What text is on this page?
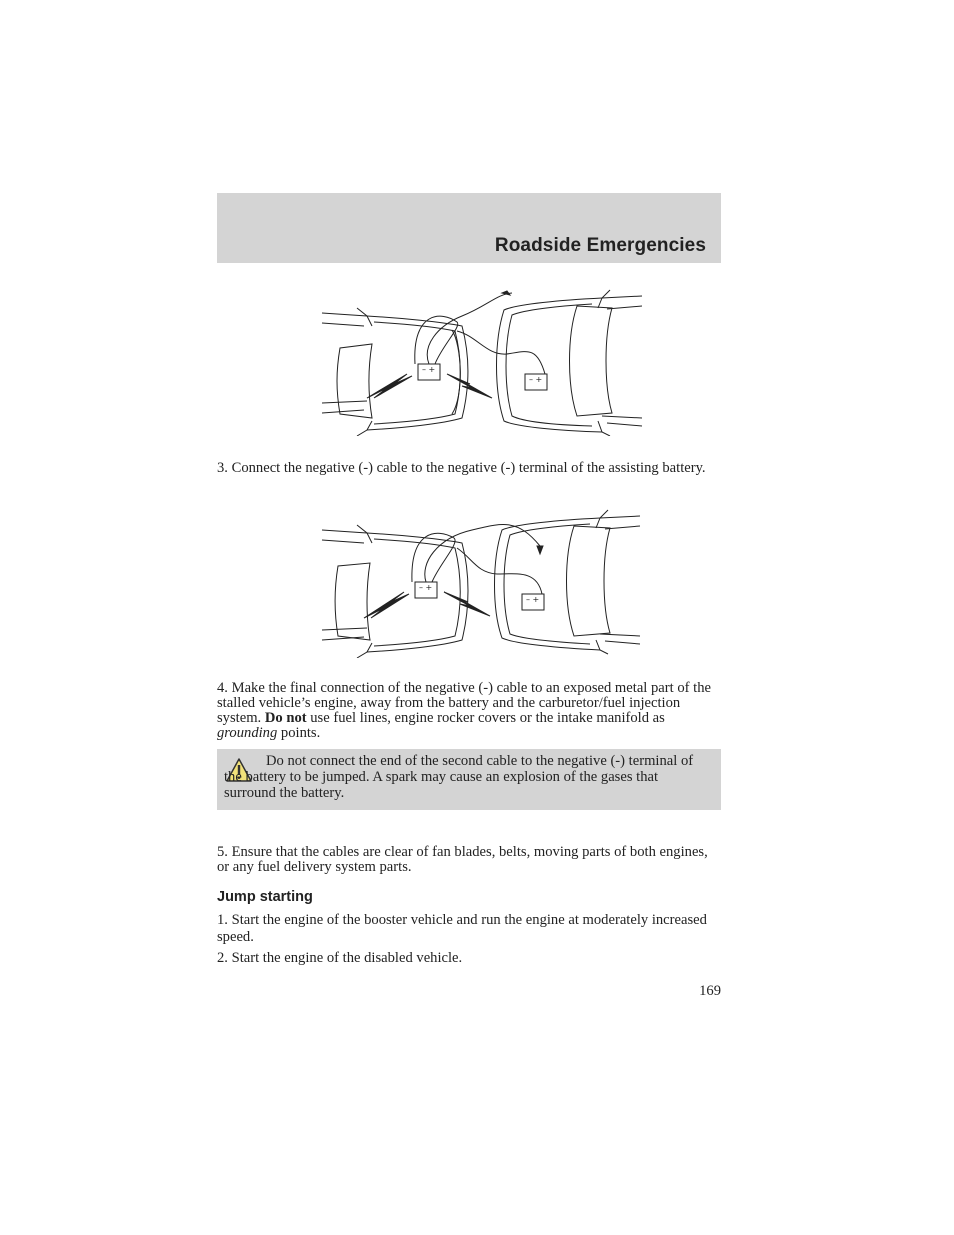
Roadside Emergencies
– +
– +
3. Connect the negative (-) cable to the negative (-) terminal of the assisting battery.
– +
– +
4. Make the final connection of the negative (-) cable to an exposed metal part of the stalled vehicle’s engine, away from the battery and the carburetor/fuel injection system. Do not use fuel lines, engine rocker covers or the intake manifold as grounding points.
Do not connect the end of the second cable to the negative (-) terminal of the battery to be jumped. A spark may cause an explosion of the gases that surround the battery.
5. Ensure that the cables are clear of fan blades, belts, moving parts of both engines, or any fuel delivery system parts.
Jump starting
1. Start the engine of the booster vehicle and run the engine at moderately increased speed.
2. Start the engine of the disabled vehicle.
169
